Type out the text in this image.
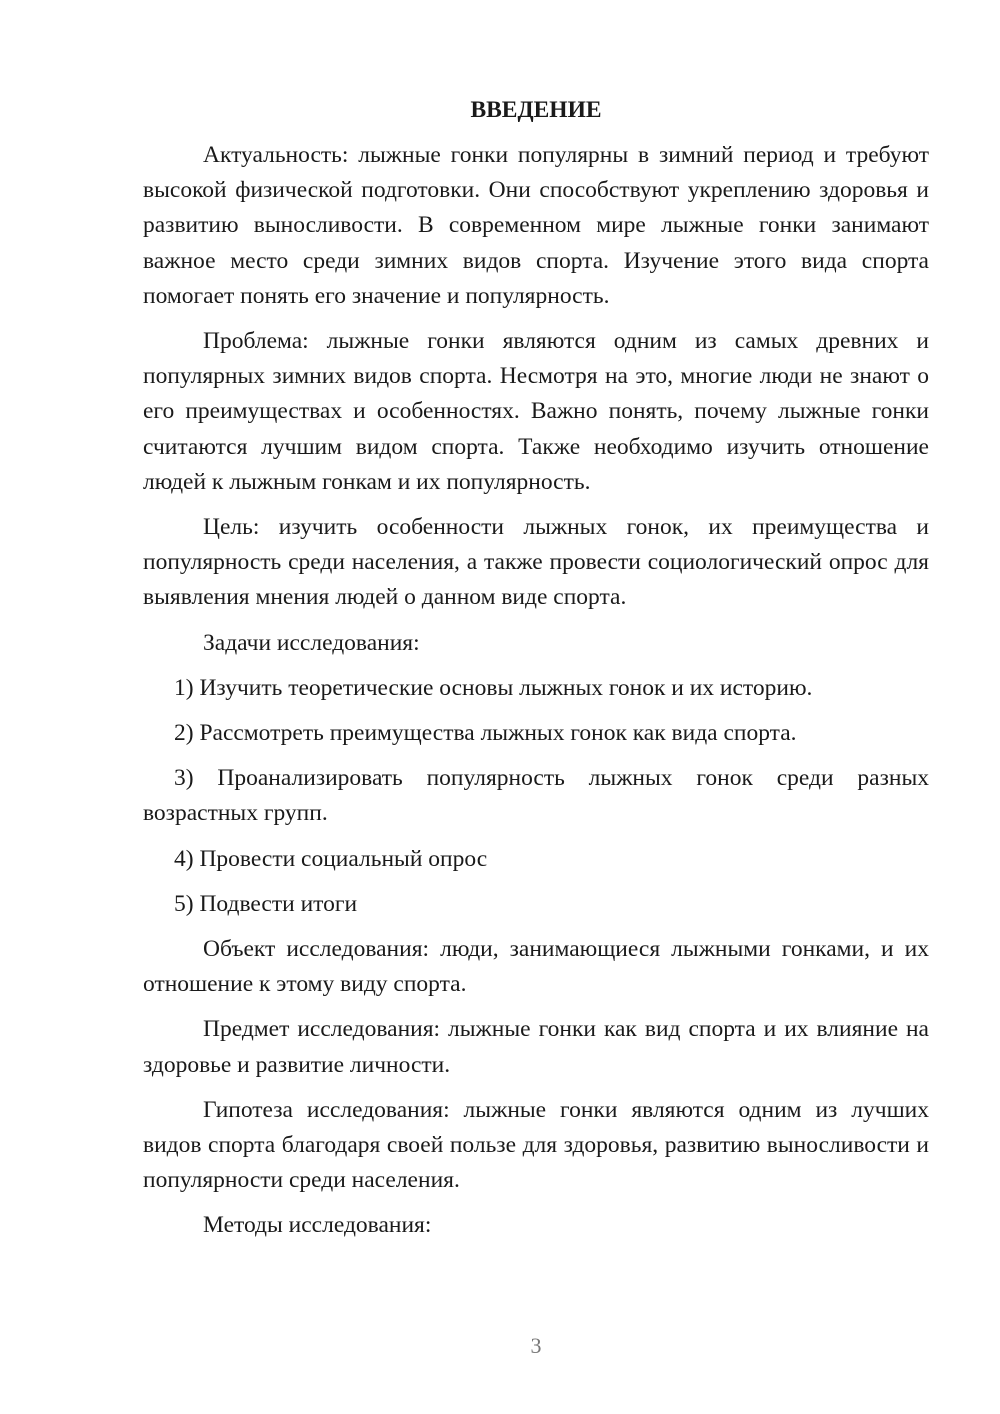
ВВЕДЕНИЕ

Актуальность: лыжные гонки популярны в зимний период и требуют высокой физической подготовки. Они способствуют укреплению здоровья и развитию выносливости. В современном мире лыжные гонки занимают важное место среди зимних видов спорта. Изучение этого вида спорта помогает понять его значение и популярность.

Проблема: лыжные гонки являются одним из самых древних и популярных зимних видов спорта. Несмотря на это, многие люди не знают о его преимуществах и особенностях. Важно понять, почему лыжные гонки считаются лучшим видом спорта. Также необходимо изучить отношение людей к лыжным гонкам и их популярность.

Цель: изучить особенности лыжных гонок, их преимущества и популярность среди населения, а также провести социологический опрос для выявления мнения людей о данном виде спорта.

Задачи исследования:

1) Изучить теоретические основы лыжных гонок и их историю.

2) Рассмотреть преимущества лыжных гонок как вида спорта.

3) Проанализировать популярность лыжных гонок среди разных возрастных групп.

4) Провести социальный опрос

5) Подвести итоги

Объект исследования: люди, занимающиеся лыжными гонками, и их отношение к этому виду спорта.

Предмет исследования: лыжные гонки как вид спорта и их влияние на здоровье и развитие личности.

Гипотеза исследования: лыжные гонки являются одним из лучших видов спорта благодаря своей пользе для здоровья, развитию выносливости и популярности среди населения.

Методы исследования:

3
